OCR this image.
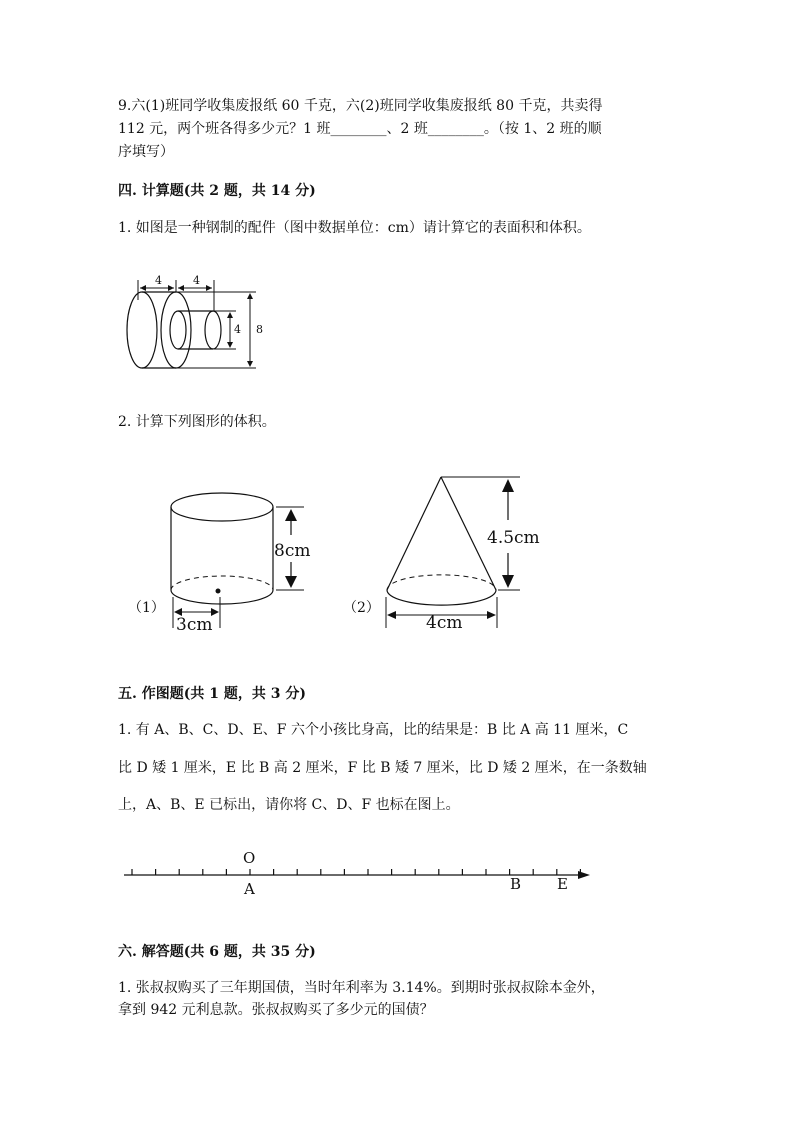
9.六(1)班同学收集废报纸 60 千克，六(2)班同学收集废报纸 80 千克，共卖得
112 元，两个班各得多少元？1 班________、2 班________。（按 1、2 班的顺
序填写）
四. 计算题(共 2 题，共 14 分)
1. 如图是一种钢制的配件（图中数据单位：cm）请计算它的表面积和体积。
4	4
4 8
（1）
8cm
3cm
（2）
4.5cm
4cm
O
A	B E
2. 计算下列图形的体积。
五. 作图题(共 1 题，共 3 分)
1. 有 A、B、C、D、E、F 六个小孩比身高，比的结果是：B 比 A 高 11 厘米，C
比 D 矮 1 厘米，E 比 B 高 2 厘米，F 比 B 矮 7 厘米，比 D 矮 2 厘米，在一条数轴
上，A、B、E 已标出，请你将 C、D、F 也标在图上。
六. 解答题(共 6 题，共 35 分)
1. 张叔叔购买了三年期国债，当时年利率为 3.14%。到期时张叔叔除本金外，
拿到 942 元利息款。张叔叔购买了多少元的国债？
